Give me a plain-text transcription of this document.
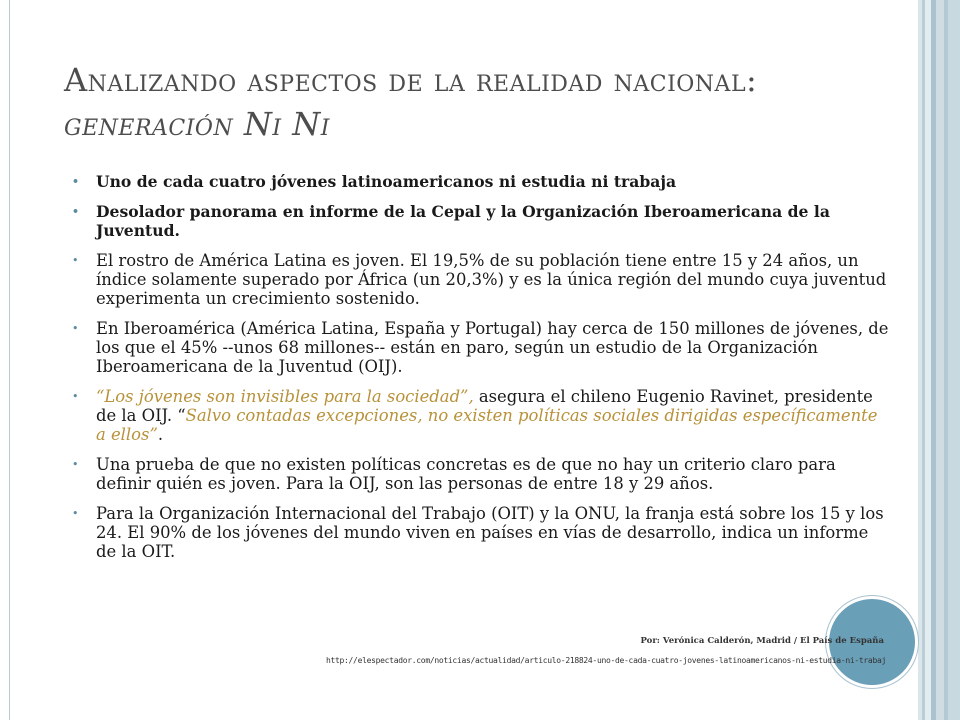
Analizando aspectos de la realidad nacional: generación Ni Ni
• Uno de cada cuatro jóvenes latinoamericanos ni estudia ni trabaja
• Desolador panorama en informe de la Cepal y la Organización Iberoamericana de la Juventud.
• El rostro de América Latina es joven. El 19,5% de su población tiene entre 15 y 24 años, un índice solamente superado por África (un 20,3%) y es la única región del mundo cuya juventud experimenta un crecimiento sostenido.
• En Iberoamérica (América Latina, España y Portugal) hay cerca de 150 millones de jóvenes, de los que el 45% --unos 68 millones-- están en paro, según un estudio de la Organización Iberoamericana de la Juventud (OIJ).
• “Los jóvenes son invisibles para la sociedad”, asegura el chileno Eugenio Ravinet, presidente de la OIJ. “Salvo contadas excepciones, no existen políticas sociales dirigidas específicamente a ellos”.
• Una prueba de que no existen políticas concretas es de que no hay un criterio claro para definir quién es joven. Para la OIJ, son las personas de entre 18 y 29 años.
• Para la Organización Internacional del Trabajo (OIT) y la ONU, la franja está sobre los 15 y los 24. El 90% de los jóvenes del mundo viven en países en vías de desarrollo, indica un informe de la OIT.
Por: Verónica Calderón, Madrid / El País de España
http://elespectador.com/noticias/actualidad/articulo-218824-uno-de-cada-cuatro-jovenes-latinoamericanos-ni-estudia-ni-trabaj
